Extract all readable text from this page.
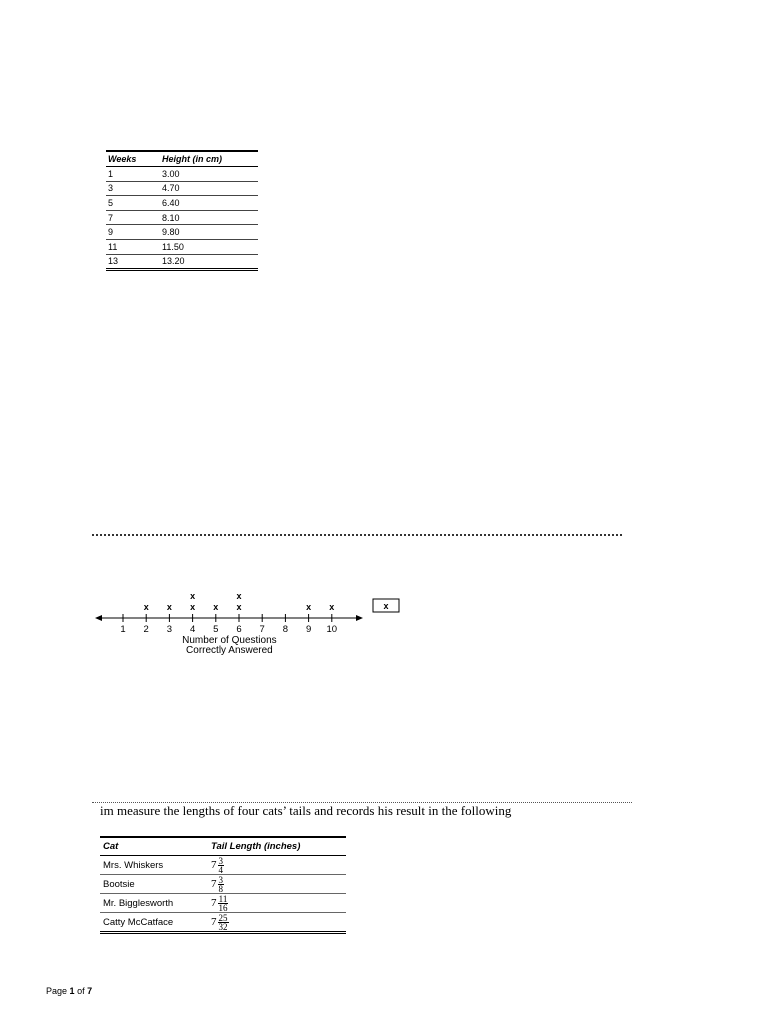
Weeks	Height (in cm)
1	3.00
3	4.70
5	6.40
7	8.10
9	9.80
11	11.50
13	13.20
1 2
x
3
x
4
x
x
5
x
6
x
x
7 8 9
x
10
x
Number of Questions
Correctly Answered
x
im measure the lengths of four cats’ tails and records his result in the following
Cat	Tail Length (inches)
Mrs. Whiskers	$7 \frac{3}{4}$

Bootsie	$7 \frac{3}{8}$

Mr. Bigglesworth	$7 \frac{11}{16}$

Catty McCatface	$7 \frac{25}{32}$
Page 1 of 7
